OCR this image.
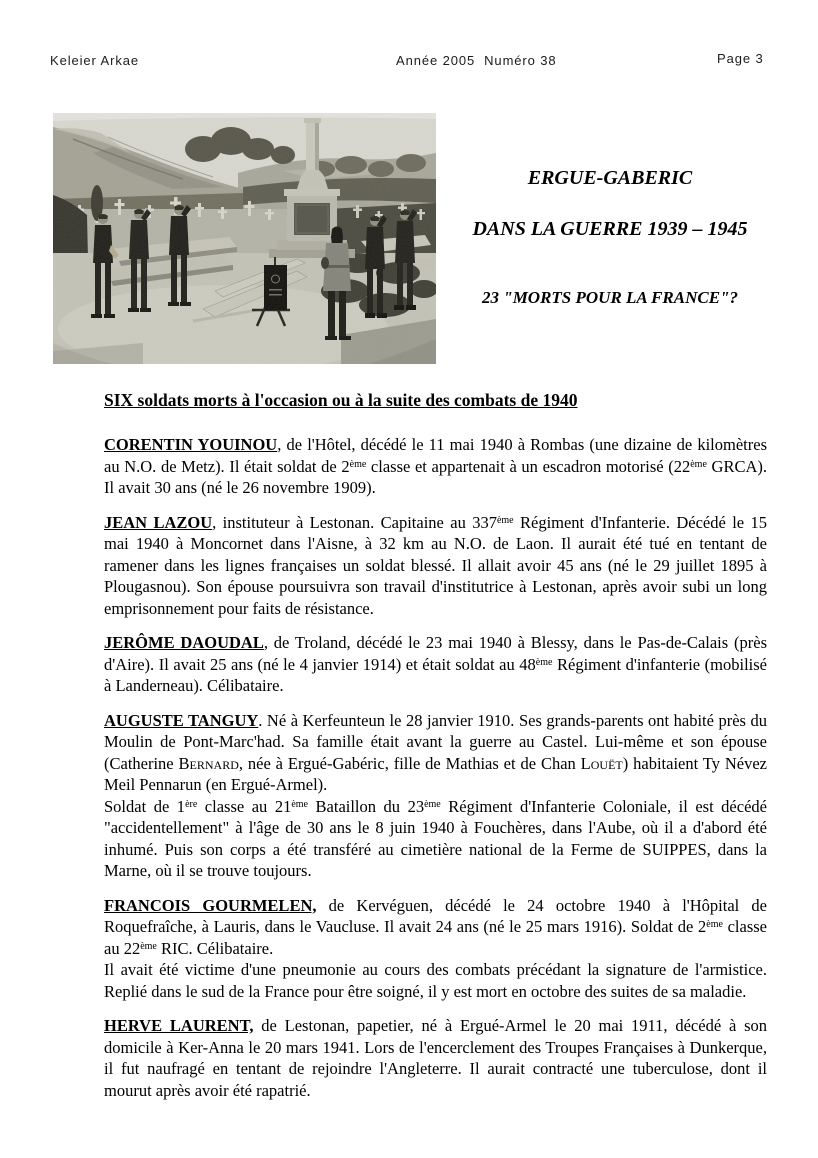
Keleier Arkae	Année 2005  Numéro 38	Page 3
ERGUE-GABERIC
DANS LA GUERRE 1939 – 1945
23 "MORTS POUR LA FRANCE"?
SIX soldats morts à l'occasion ou à la suite des combats de 1940

CORENTIN YOUINOU, de l'Hôtel, décédé le 11 mai 1940 à Rombas (une dizaine de kilomètres au N.O. de Metz). Il était soldat de 2ème classe et appartenait à un escadron motorisé (22ème GRCA). Il avait 30 ans (né le 26 novembre 1909).

JEAN LAZOU, instituteur à Lestonan. Capitaine au 337ème Régiment d'Infanterie. Décédé le 15 mai 1940 à Moncornet dans l'Aisne, à 32 km au N.O. de Laon. Il aurait été tué en tentant de ramener dans les lignes françaises un soldat blessé. Il allait avoir 45 ans (né le 29 juillet 1895 à Plougasnou). Son épouse poursuivra son travail d'institutrice à Lestonan, après avoir subi un long emprisonnement pour faits de résistance.

JERÔME DAOUDAL, de Troland, décédé le 23 mai 1940 à Blessy, dans le Pas-de-Calais (près d'Aire). Il avait 25 ans (né le 4 janvier 1914) et était soldat au 48ème Régiment d'infanterie (mobilisé à Landerneau). Célibataire.

AUGUSTE TANGUY. Né à Kerfeunteun le 28 janvier 1910. Ses grands-parents ont habité près du Moulin de Pont-Marc'had. Sa famille était avant la guerre au Castel. Lui-même et son épouse (Catherine Bernard, née à Ergué-Gabéric, fille de Mathias et de Chan Louët) habitaient Ty Névez Meil Pennarun (en Ergué-Armel).
Soldat de 1ère classe au 21ème Bataillon du 23ème Régiment d'Infanterie Coloniale, il est décédé "accidentellement" à l'âge de 30 ans le 8 juin 1940 à Fouchères, dans l'Aube, où il a d'abord été inhumé. Puis son corps a été transféré au cimetière national de la Ferme de SUIPPES, dans la Marne, où il se trouve toujours.

FRANCOIS GOURMELEN, de Kervéguen, décédé le 24 octobre 1940 à l'Hôpital de Roquefraîche, à Lauris, dans le Vaucluse. Il avait 24 ans (né le 25 mars 1916). Soldat de 2ème classe au 22ème RIC. Célibataire.
Il avait été victime d'une pneumonie au cours des combats précédant la signature de l'armistice. Replié dans le sud de la France pour être soigné, il y est mort en octobre des suites de sa maladie.

HERVE LAURENT, de Lestonan, papetier, né à Ergué-Armel le 20 mai 1911, décédé à son domicile à Ker-Anna le 20 mars 1941. Lors de l'encerclement des Troupes Françaises à Dunkerque, il fut naufragé en tentant de rejoindre l'Angleterre. Il aurait contracté une tuberculose, dont il mourut après avoir été rapatrié.
